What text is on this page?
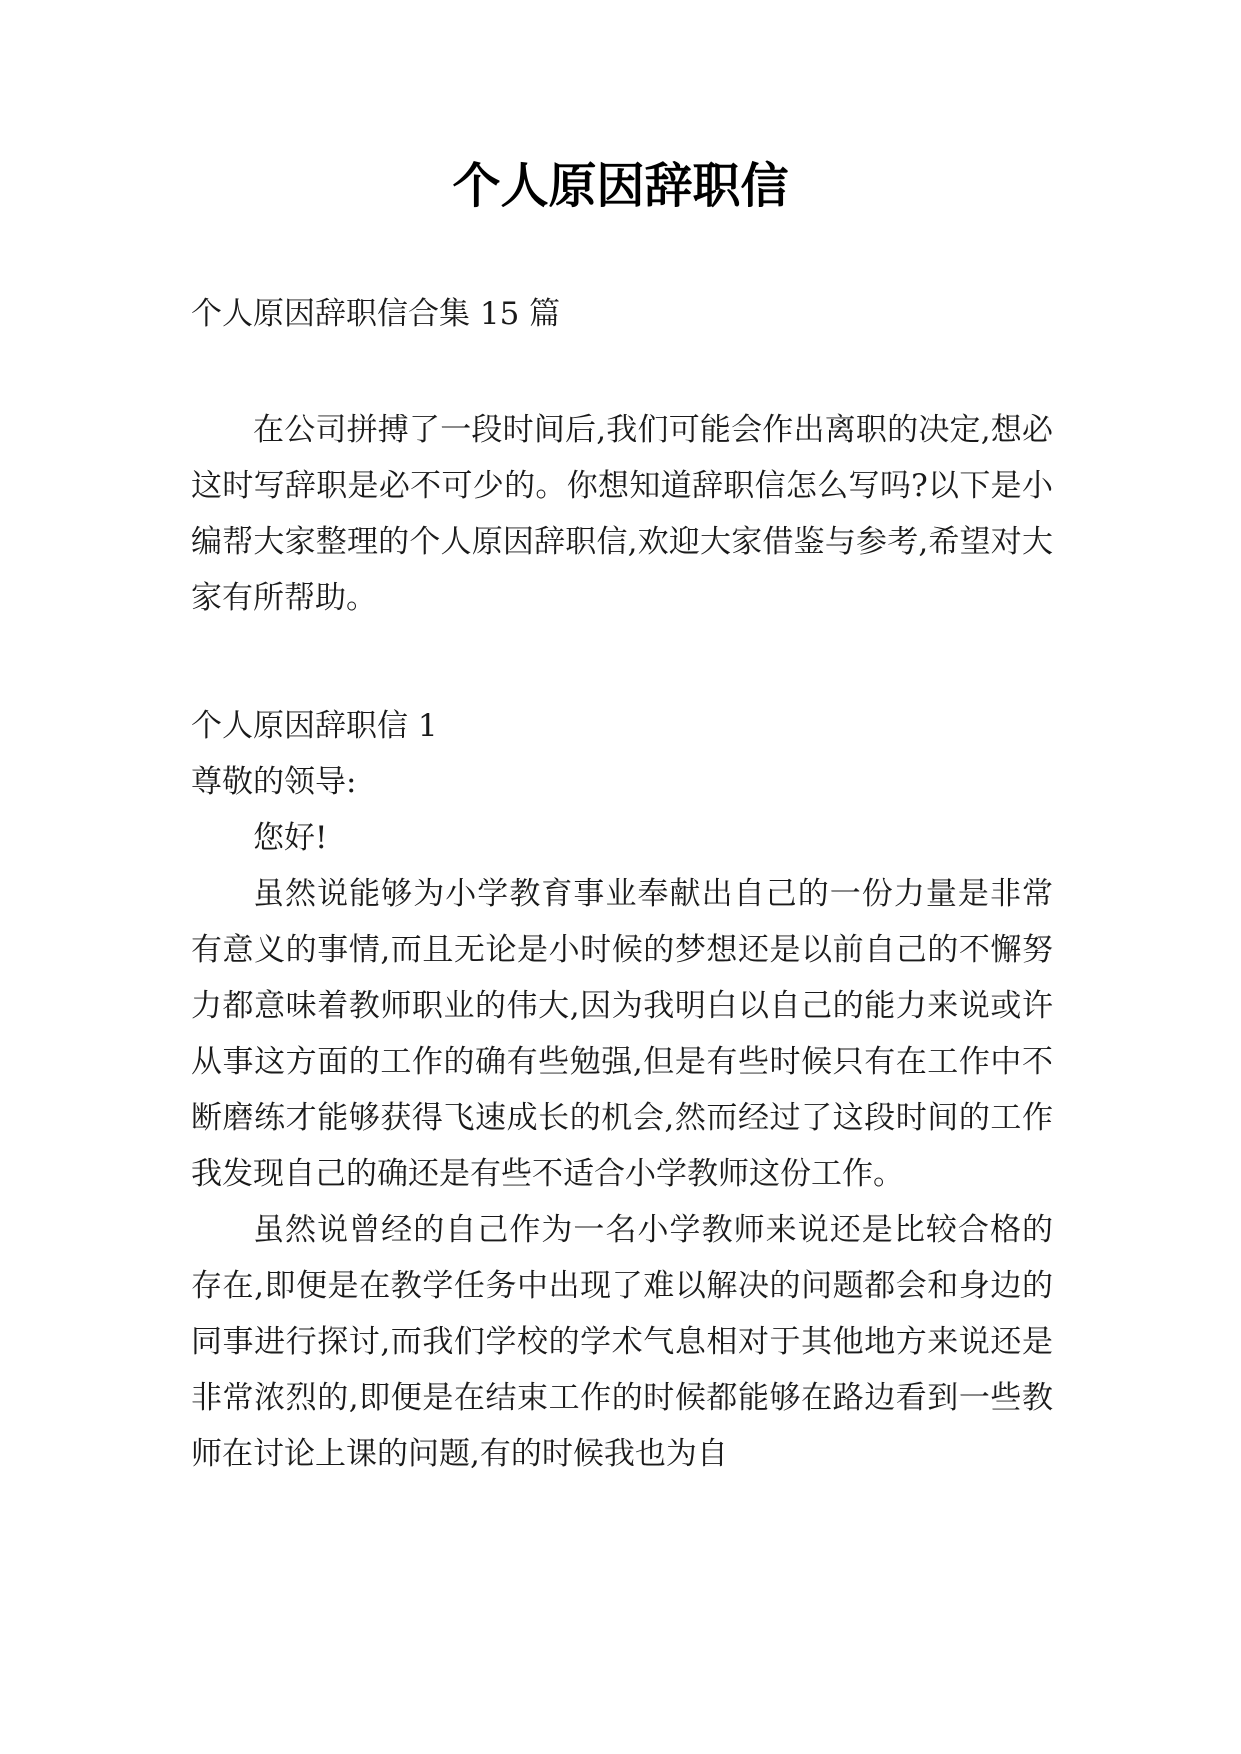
个人原因辞职信
个人原因辞职信合集 15 篇

在公司拼搏了一段时间后,我们可能会作出离职的决定,想必这时写辞职是必不可少的。你想知道辞职信怎么写吗?以下是小编帮大家整理的个人原因辞职信,欢迎大家借鉴与参考,希望对大家有所帮助。

个人原因辞职信 1
尊敬的领导:

您好!

虽然说能够为小学教育事业奉献出自己的一份力量是非常有意义的事情,而且无论是小时候的梦想还是以前自己的不懈努力都意味着教师职业的伟大,因为我明白以自己的能力来说或许从事这方面的工作的确有些勉强,但是有些时候只有在工作中不断磨练才能够获得飞速成长的机会,然而经过了这段时间的工作我发现自己的确还是有些不适合小学教师这份工作。

虽然说曾经的自己作为一名小学教师来说还是比较合格的存在,即便是在教学任务中出现了难以解决的问题都会和身边的同事进行探讨,而我们学校的学术气息相对于其他地方来说还是非常浓烈的,即便是在结束工作的时候都能够在路边看到一些教师在讨论上课的问题,有的时候我也为自
